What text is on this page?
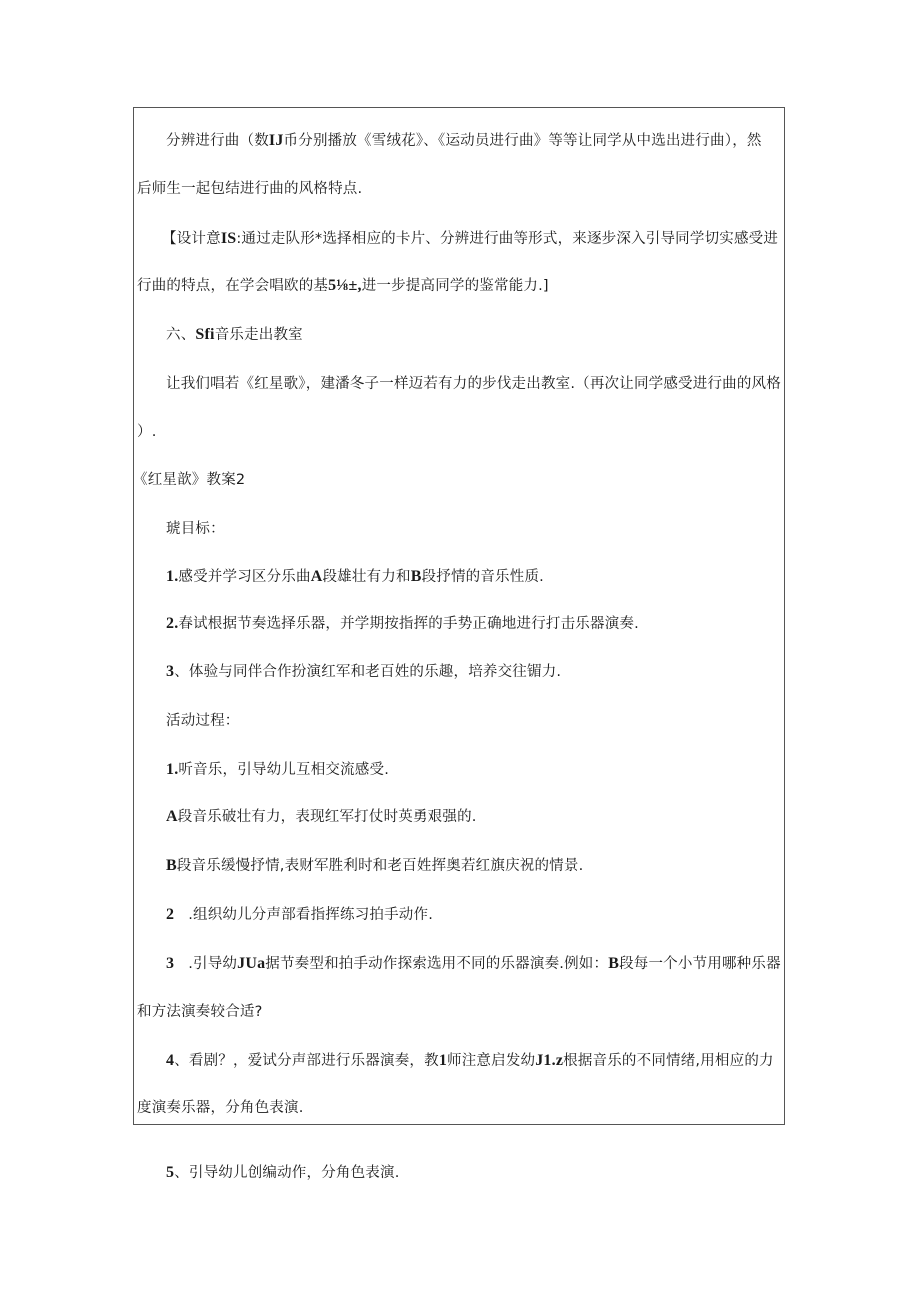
分辨进行曲（数IJ币分别播放《雪绒花》、《运动员进行曲》等等让同学从中选出进行曲），然
后师生一起包结进行曲的风格特点.
【设计意IS:通过走队形*选择相应的卡片、分辨进行曲等形式，来逐步深入引导同学切实感受进
行曲的特点，在学会唱欧的基5⅛±,进一步提高同学的鉴常能力.]
六、Sfi音乐走出教室
让我们唱若《红星歌》，建潘冬子一样迈若有力的步伐走出教室.（再次让同学感受进行曲的风格
）.
《红星歆》教案2
琥目标：
1.感受并学习区分乐曲A段雄壮有力和B段抒情的音乐性质.
2.春试根据节奏选择乐器，并学期按指挥的手势正确地进行打击乐器演奏.
3、体验与同伴合作扮演红军和老百姓的乐趣，培养交往镅力.
活动过程：
1.听音乐，引导幼儿互相交流感受.
A段音乐破壮有力，表现红军打仗时英勇艰强的.
B段音乐缓慢抒情,表财军胜利时和老百姓挥奥若红旗庆祝的情景.
2 .组织幼儿分声部看指挥练习拍手动作.
3 .引导幼JUa据节奏型和拍手动作探索选用不同的乐器演奏.例如：B段每一个小节用哪种乐器
和方法演奏较合适?
4、看剧？，爱试分声部进行乐器演奏，教1师注意启发幼J1.z根据音乐的不同情绪,用相应的力
度演奏乐器，分角色表演.
5、引导幼儿创编动作，分角色表演.
